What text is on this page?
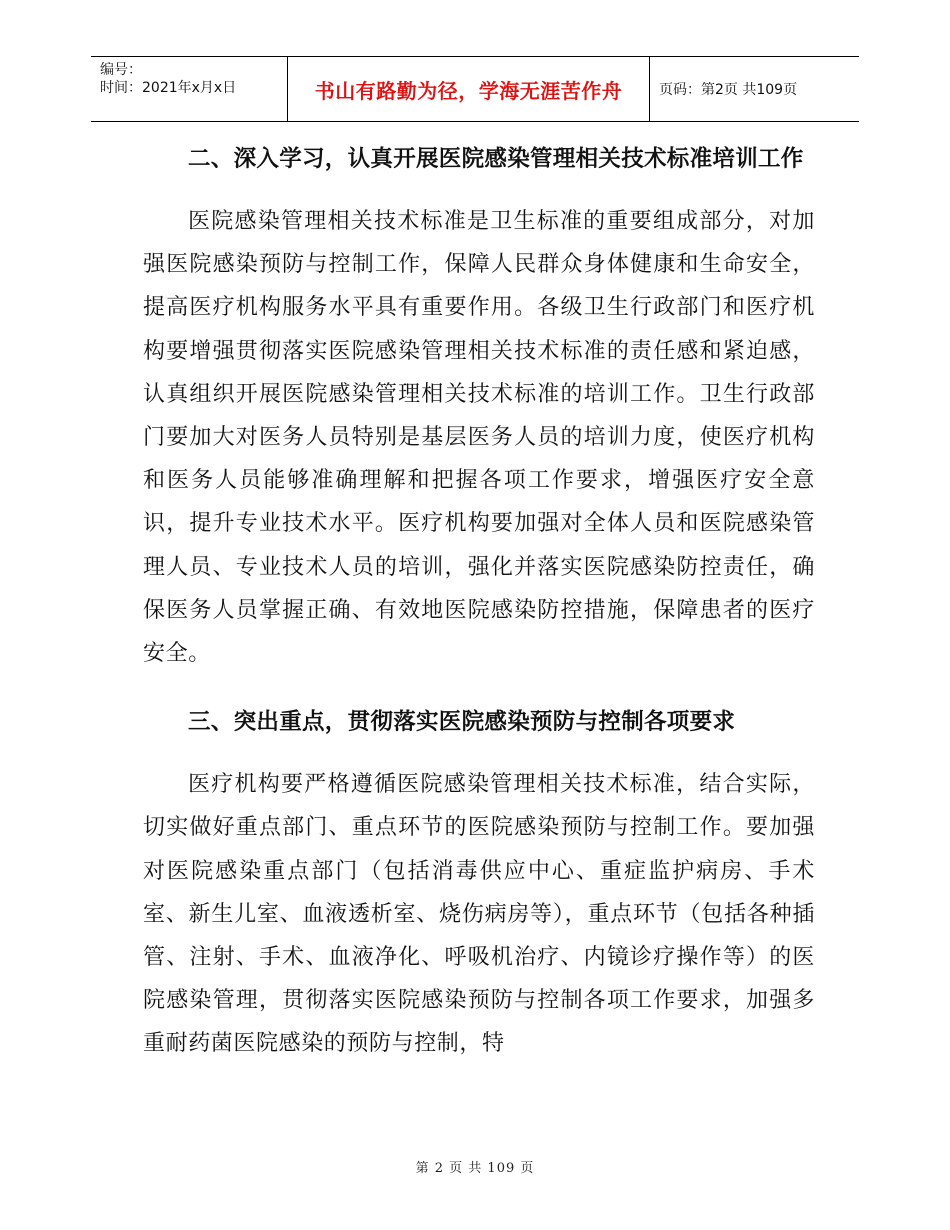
编号：
时间：2021年x月x日	书山有路勤为径，学海无涯苦作舟	页码：第2页 共109页
二、深入学习，认真开展医院感染管理相关技术标准培训工作

医院感染管理相关技术标准是卫生标准的重要组成部分，对加强医院感染预防与控制工作，保障人民群众身体健康和生命安全，提高医疗机构服务水平具有重要作用。各级卫生行政部门和医疗机构要增强贯彻落实医院感染管理相关技术标准的责任感和紧迫感，认真组织开展医院感染管理相关技术标准的培训工作。卫生行政部门要加大对医务人员特别是基层医务人员的培训力度，使医疗机构和医务人员能够准确理解和把握各项工作要求，增强医疗安全意识，提升专业技术水平。医疗机构要加强对全体人员和医院感染管理人员、专业技术人员的培训，强化并落实医院感染防控责任，确保医务人员掌握正确、有效地医院感染防控措施，保障患者的医疗安全。

三、突出重点，贯彻落实医院感染预防与控制各项要求

医疗机构要严格遵循医院感染管理相关技术标准，结合实际，切实做好重点部门、重点环节的医院感染预防与控制工作。要加强对医院感染重点部门（包括消毒供应中心、重症监护病房、手术室、新生儿室、血液透析室、烧伤病房等），重点环节（包括各种插管、注射、手术、血液净化、呼吸机治疗、内镜诊疗操作等）的医院感染管理，贯彻落实医院感染预防与控制各项工作要求，加强多重耐药菌医院感染的预防与控制，特

第 2 页 共 109 页
